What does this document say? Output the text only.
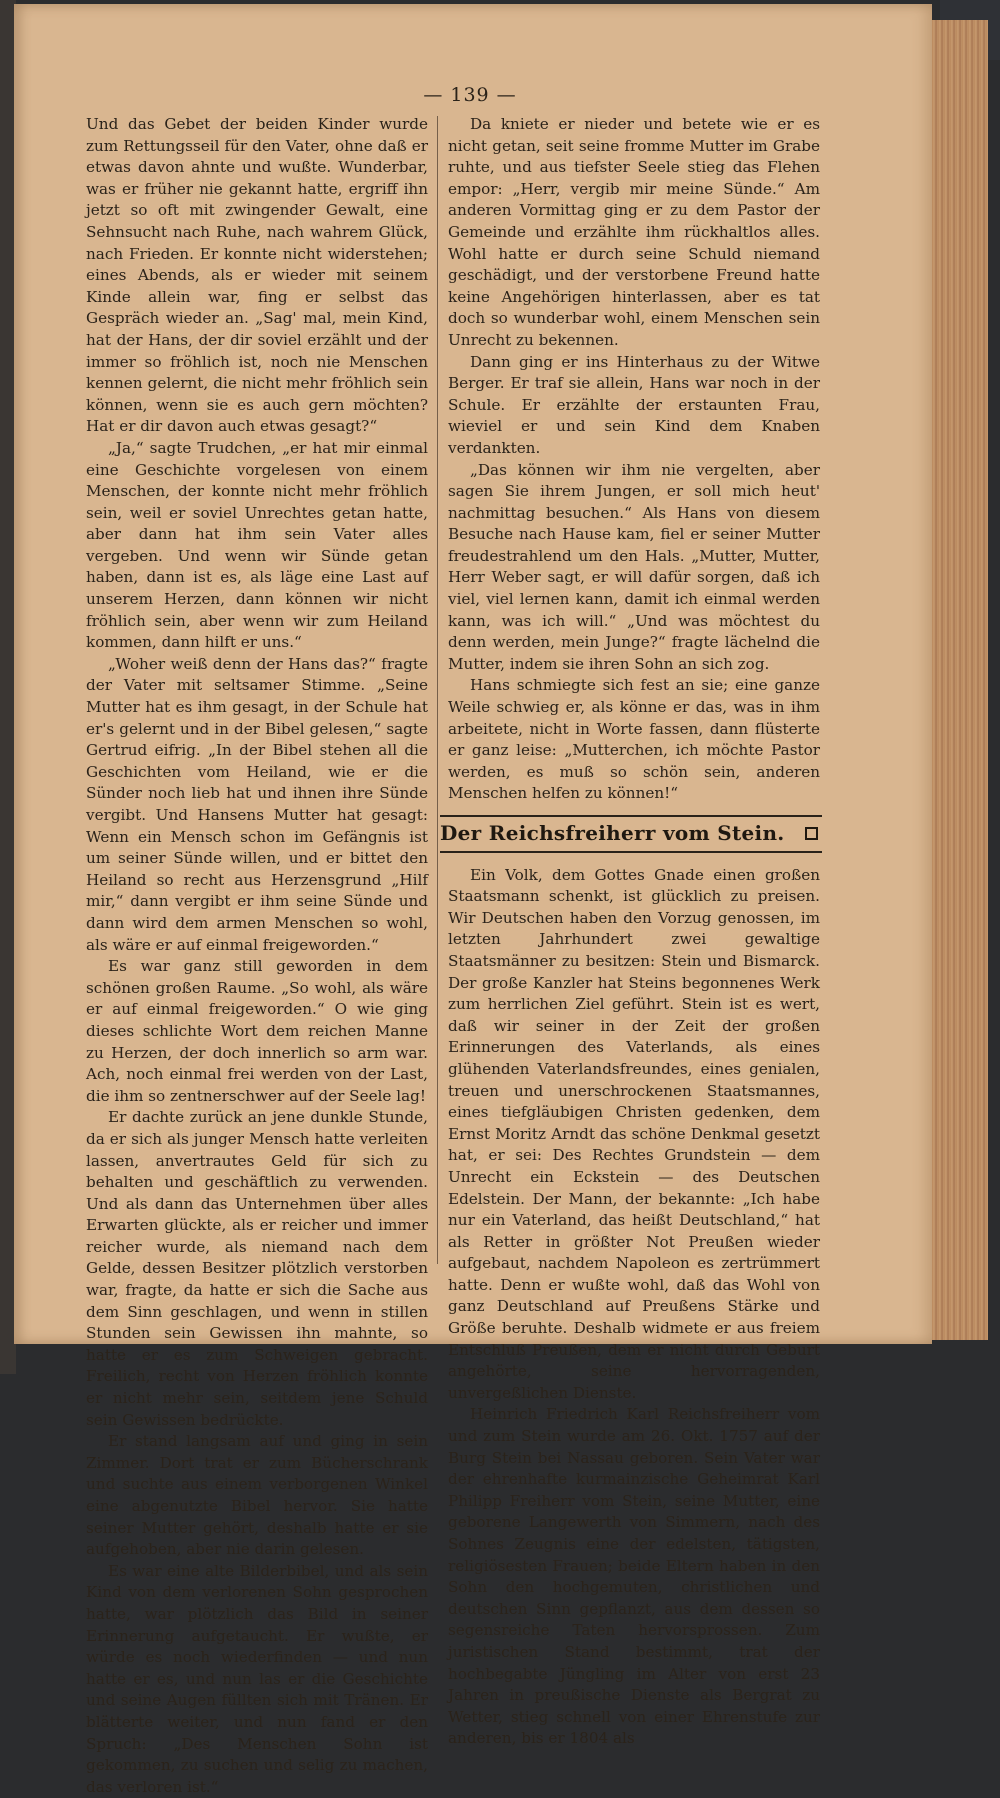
— 139 —

Und das Gebet der beiden Kinder wurde zum Rettungsseil für den Vater, ohne daß er etwas davon ahnte und wußte. Wunderbar, was er früher nie gekannt hatte, ergriff ihn jetzt so oft mit zwingender Gewalt, eine Sehnsucht nach Ruhe, nach wahrem Glück, nach Frieden. Er konnte nicht widerstehen; eines Abends, als er wieder mit seinem Kinde allein war, fing er selbst das Gespräch wieder an. „Sag' mal, mein Kind, hat der Hans, der dir soviel erzählt und der immer so fröhlich ist, noch nie Menschen kennen gelernt, die nicht mehr fröhlich sein können, wenn sie es auch gern möchten? Hat er dir davon auch etwas gesagt?“

„Ja,“ sagte Trudchen, „er hat mir einmal eine Geschichte vorgelesen von einem Menschen, der konnte nicht mehr fröhlich sein, weil er soviel Unrechtes getan hatte, aber dann hat ihm sein Vater alles vergeben. Und wenn wir Sünde getan haben, dann ist es, als läge eine Last auf unserem Herzen, dann können wir nicht fröhlich sein, aber wenn wir zum Heiland kommen, dann hilft er uns.“

„Woher weiß denn der Hans das?“ fragte der Vater mit seltsamer Stimme. „Seine Mutter hat es ihm gesagt, in der Schule hat er's gelernt und in der Bibel gelesen,“ sagte Gertrud eifrig. „In der Bibel stehen all die Geschichten vom Heiland, wie er die Sünder noch lieb hat und ihnen ihre Sünde vergibt. Und Hansens Mutter hat gesagt: Wenn ein Mensch schon im Gefängnis ist um seiner Sünde willen, und er bittet den Heiland so recht aus Herzensgrund „Hilf mir,“ dann vergibt er ihm seine Sünde und dann wird dem armen Menschen so wohl, als wäre er auf einmal freigeworden.“

Es war ganz still geworden in dem schönen großen Raume. „So wohl, als wäre er auf einmal freigeworden.“ O wie ging dieses schlichte Wort dem reichen Manne zu Herzen, der doch innerlich so arm war. Ach, noch einmal frei werden von der Last, die ihm so zentnerschwer auf der Seele lag!

Er dachte zurück an jene dunkle Stunde, da er sich als junger Mensch hatte verleiten lassen, anvertrautes Geld für sich zu behalten und geschäftlich zu verwenden. Und als dann das Unternehmen über alles Erwarten glückte, als er reicher und immer reicher wurde, als niemand nach dem Gelde, dessen Besitzer plötzlich verstorben war, fragte, da hatte er sich die Sache aus dem Sinn geschlagen, und wenn in stillen Stunden sein Gewissen ihn mahnte, so hatte er es zum Schweigen gebracht. Freilich, recht von Herzen fröhlich konnte er nicht mehr sein, seitdem jene Schuld sein Gewissen bedrückte.

Er stand langsam auf und ging in sein Zimmer. Dort trat er zum Bücherschrank und suchte aus einem verborgenen Winkel eine abgenutzte Bibel hervor. Sie hatte seiner Mutter gehört, deshalb hatte er sie aufgehoben, aber nie darin gelesen.

Es war eine alte Bilderbibel, und als sein Kind von dem verlorenen Sohn gesprochen hatte, war plötzlich das Bild in seiner Erinnerung aufgetaucht. Er wußte, er würde es noch wiederfinden — und nun hatte er es, und nun las er die Geschichte und seine Augen füllten sich mit Tränen. Er blätterte weiter, und nun fand er den Spruch: „Des Menschen Sohn ist gekommen, zu suchen und selig zu machen, das verloren ist.“

Da kniete er nieder und betete wie er es nicht getan, seit seine fromme Mutter im Grabe ruhte, und aus tiefster Seele stieg das Flehen empor: „Herr, vergib mir meine Sünde.“ Am anderen Vormittag ging er zu dem Pastor der Gemeinde und erzählte ihm rückhaltlos alles. Wohl hatte er durch seine Schuld niemand geschädigt, und der verstorbene Freund hatte keine Angehörigen hinterlassen, aber es tat doch so wunderbar wohl, einem Menschen sein Unrecht zu bekennen.

Dann ging er ins Hinterhaus zu der Witwe Berger. Er traf sie allein, Hans war noch in der Schule. Er erzählte der erstaunten Frau, wieviel er und sein Kind dem Knaben verdankten.

„Das können wir ihm nie vergelten, aber sagen Sie ihrem Jungen, er soll mich heut' nachmittag besuchen.“ Als Hans von diesem Besuche nach Hause kam, fiel er seiner Mutter freudestrahlend um den Hals. „Mutter, Mutter, Herr Weber sagt, er will dafür sorgen, daß ich viel, viel lernen kann, damit ich einmal werden kann, was ich will.“ „Und was möchtest du denn werden, mein Junge?“ fragte lächelnd die Mutter, indem sie ihren Sohn an sich zog.

Hans schmiegte sich fest an sie; eine ganze Weile schwieg er, als könne er das, was in ihm arbeitete, nicht in Worte fassen, dann flüsterte er ganz leise: „Mutterchen, ich möchte Pastor werden, es muß so schön sein, anderen Menschen helfen zu können!“

Der Reichsfreiherr vom Stein.

Ein Volk, dem Gottes Gnade einen großen Staatsmann schenkt, ist glücklich zu preisen. Wir Deutschen haben den Vorzug genossen, im letzten Jahrhundert zwei gewaltige Staatsmänner zu besitzen: Stein und Bismarck. Der große Kanzler hat Steins begonnenes Werk zum herrlichen Ziel geführt. Stein ist es wert, daß wir seiner in der Zeit der großen Erinnerungen des Vaterlands, als eines glühenden Vaterlandsfreundes, eines genialen, treuen und unerschrockenen Staatsmannes, eines tiefgläubigen Christen gedenken, dem Ernst Moritz Arndt das schöne Denkmal gesetzt hat, er sei: Des Rechtes Grundstein — dem Unrecht ein Eckstein — des Deutschen Edelstein. Der Mann, der bekannte: „Ich habe nur ein Vaterland, das heißt Deutschland,“ hat als Retter in größter Not Preußen wieder aufgebaut, nachdem Napoleon es zertrümmert hatte. Denn er wußte wohl, daß das Wohl von ganz Deutschland auf Preußens Stärke und Größe beruhte. Deshalb widmete er aus freiem Entschluß Preußen, dem er nicht durch Geburt angehörte, seine hervorragenden, unvergeßlichen Dienste.

Heinrich Friedrich Karl Reichsfreiherr vom und zum Stein wurde am 26. Okt. 1757 auf der Burg Stein bei Nassau geboren. Sein Vater war der ehrenhafte kurmainzische Geheimrat Karl Philipp Freiherr vom Stein, seine Mutter, eine geborene Langewerth von Simmern, nach des Sohnes Zeugnis eine der edelsten, tätigsten, religiösesten Frauen; beide Eltern haben in den Sohn den hochgemuten, christlichen und deutschen Sinn gepflanzt, aus dem dessen so segensreiche Taten hervorsprossen. Zum juristischen Stand bestimmt, trat der hochbegabte Jüngling im Alter von erst 23 Jahren in preußische Dienste als Bergrat zu Wetter, stieg schnell von einer Ehrenstufe zur anderen, bis er 1804 als
